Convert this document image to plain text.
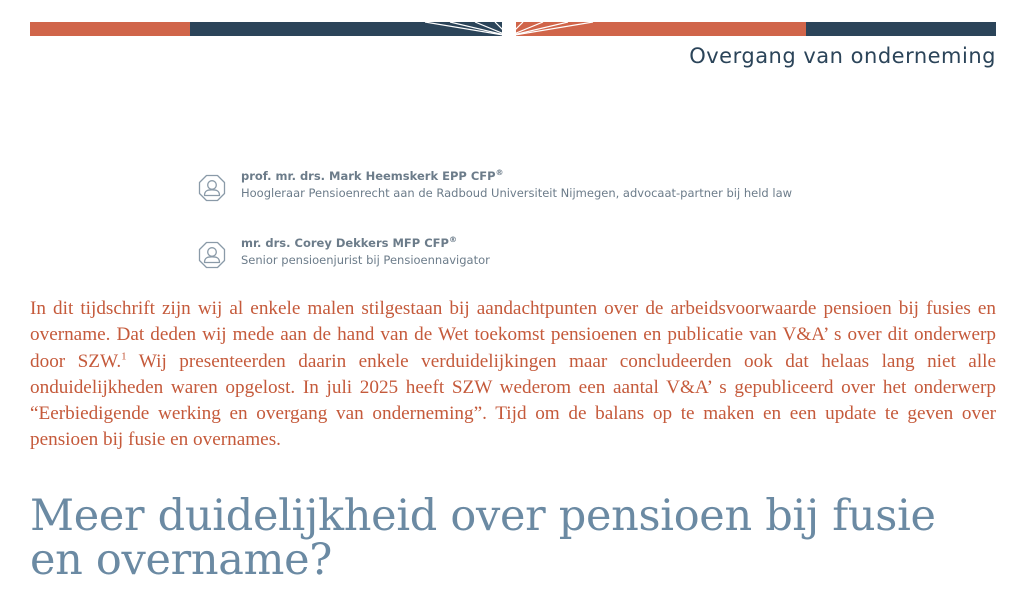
Overgang van onderneming
prof. mr. drs. Mark Heemskerk EPP CFP®
Hoogleraar Pensioenrecht aan de Radboud Universiteit Nijmegen, advocaat-partner bij held law
mr. drs. Corey Dekkers MFP CFP®
Senior pensioenjurist bij Pensioennavigator

In dit tijdschrift zijn wij al enkele malen stilgestaan bij aandachtpunten over de arbeidsvoorwaarde pensioen bij fusies en overname. Dat deden wij mede aan de hand van de Wet toekomst pensioenen en publicatie van V&A’ s over dit onderwerp door SZW.$^1$ Wij presenteerden daarin enkele verduidelijkingen maar concludeerden ook dat helaas lang niet alle onduidelijkheden waren opgelost. In juli 2025 heeft SZW wederom een aantal V&A’ s gepubliceerd over het onderwerp “Eerbiedigende werking en overgang van onderneming”. Tijd om de balans op te maken en een update te geven over pensioen bij fusie en overnames.

Meer duidelijkheid over pensioen bij fusie en overname?
